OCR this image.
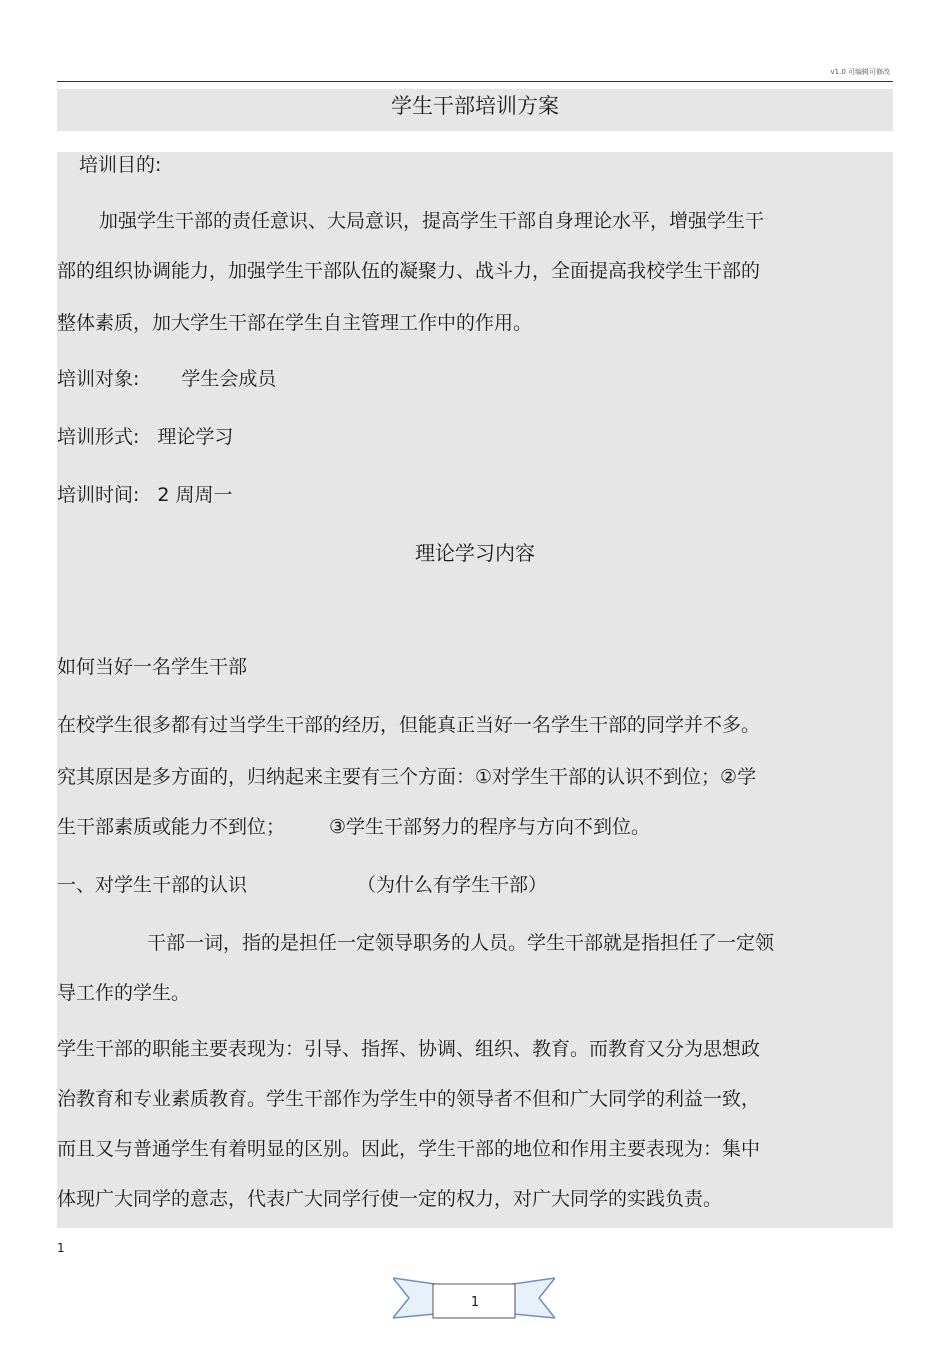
v1.0 可编辑可修改
学生干部培训方案
培训目的:
加强学生干部的责任意识、大局意识，提高学生干部自身理论水平，增强学生干
部的组织协调能力，加强学生干部队伍的凝聚力、战斗力，全面提高我校学生干部的
整体素质，加大学生干部在学生自主管理工作中的作用。
培训对象: 学生会成员
培训形式: 理论学习
培训时间: 2 周周一
理论学习内容
如何当好一名学生干部
在校学生很多都有过当学生干部的经历，但能真正当好一名学生干部的同学并不多。
究其原因是多方面的，归纳起来主要有三个方面：①对学生干部的认识不到位；②学
生干部素质或能力不到位； ③学生干部努力的程序与方向不到位。
一、对学生干部的认识	（为什么有学生干部）
干部一词，指的是担任一定领导职务的人员。学生干部就是指担任了一定领
导工作的学生。
学生干部的职能主要表现为：引导、指挥、协调、组织、教育。而教育又分为思想政
治教育和专业素质教育。学生干部作为学生中的领导者不但和广大同学的利益一致，
而且又与普通学生有着明显的区别。因此，学生干部的地位和作用主要表现为：集中
体现广大同学的意志，代表广大同学行使一定的权力，对广大同学的实践负责。
1
1
